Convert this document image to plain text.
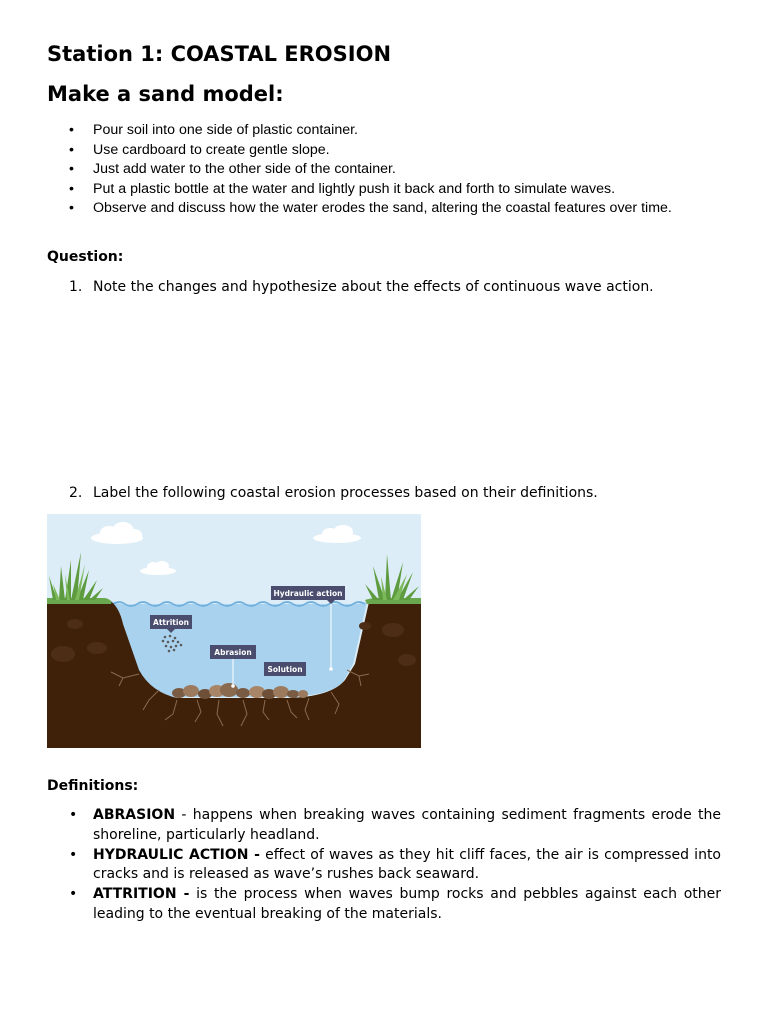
Station 1: COASTAL EROSION
Make a sand model:
• Pour soil into one side of plastic container.
• Use cardboard to create gentle slope.
• Just add water to the other side of the container.
• Put a plastic bottle at the water and lightly push it back and forth to simulate waves.
• Observe and discuss how the water erodes the sand, altering the coastal features over time.

Question:

1. Note the changes and hypothesize about the effects of continuous wave action.
2. Label the following coastal erosion processes based on their definitions.
Hydraulic action
Attrition
Abrasion
Solution

Definitions:

• ABRASION - happens when breaking waves containing sediment fragments erode the shoreline, particularly headland.
• HYDRAULIC ACTION - effect of waves as they hit cliff faces, the air is compressed into cracks and is released as wave’s rushes back seaward.
• ATTRITION - is the process when waves bump rocks and pebbles against each other leading to the eventual breaking of the materials.
